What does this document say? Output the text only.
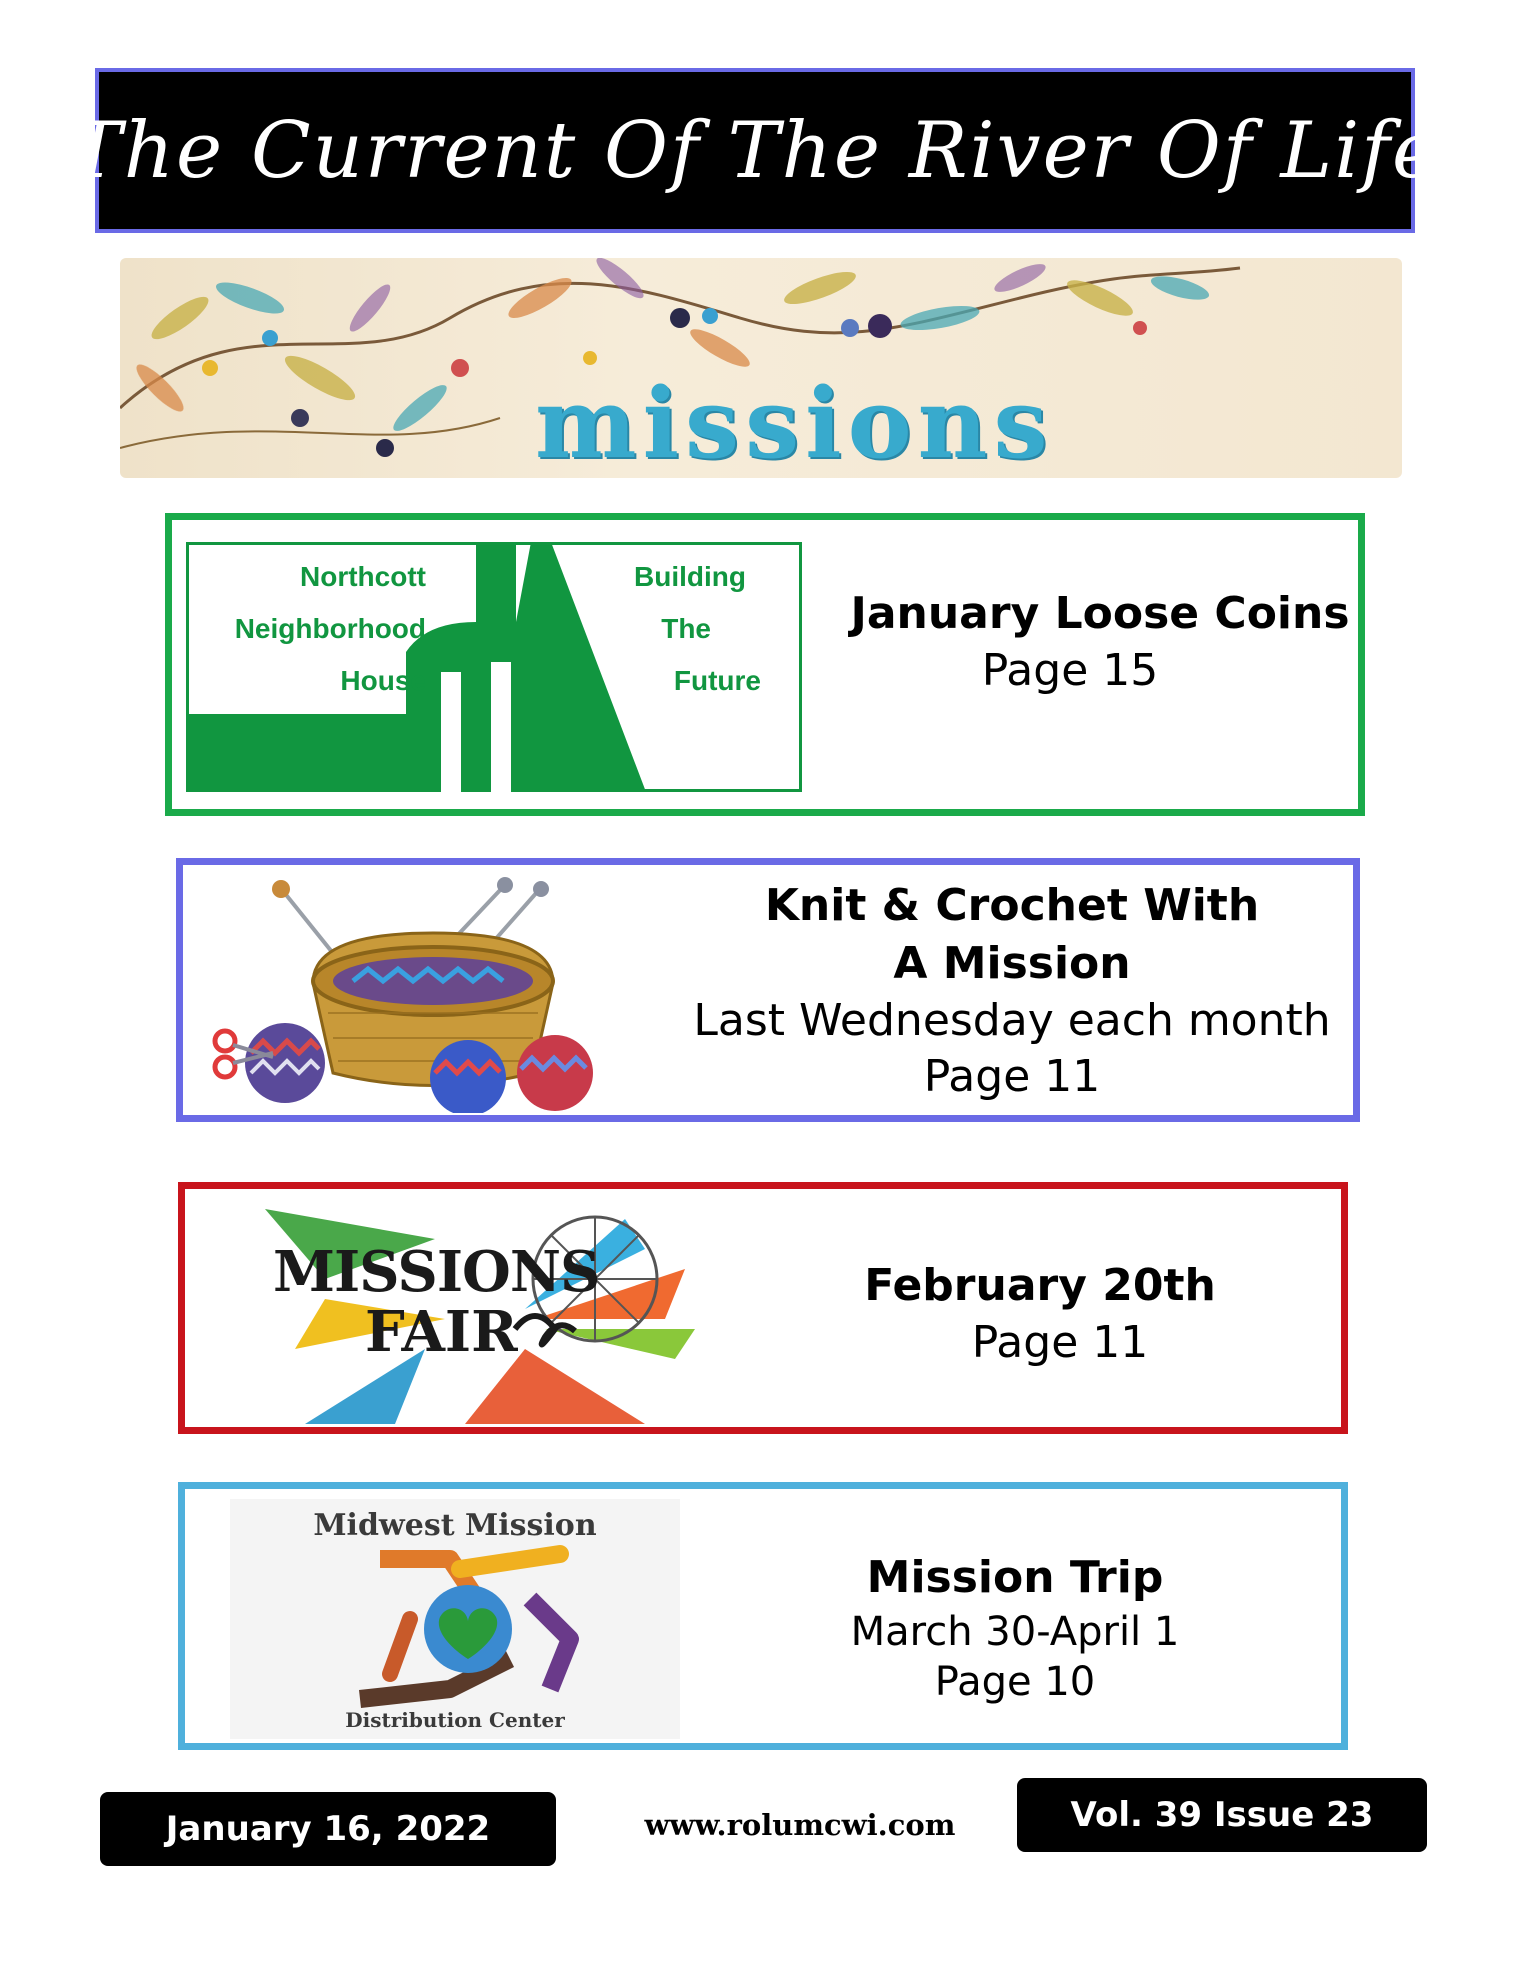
The Current Of The River Of Life
missions
Northcott
Neighborhood
House
Building
The
Future
January Loose Coins
Page 15
Knit & Crochet With
A Mission
Last Wednesday each month
Page 11
MISSIONS
FAIR
February 20th
Page 11
Midwest Mission
Distribution Center
Mission Trip
March 30-April 1
Page 10
January 16, 2022	www.rolumcwi.com	Vol. 39 Issue 23
